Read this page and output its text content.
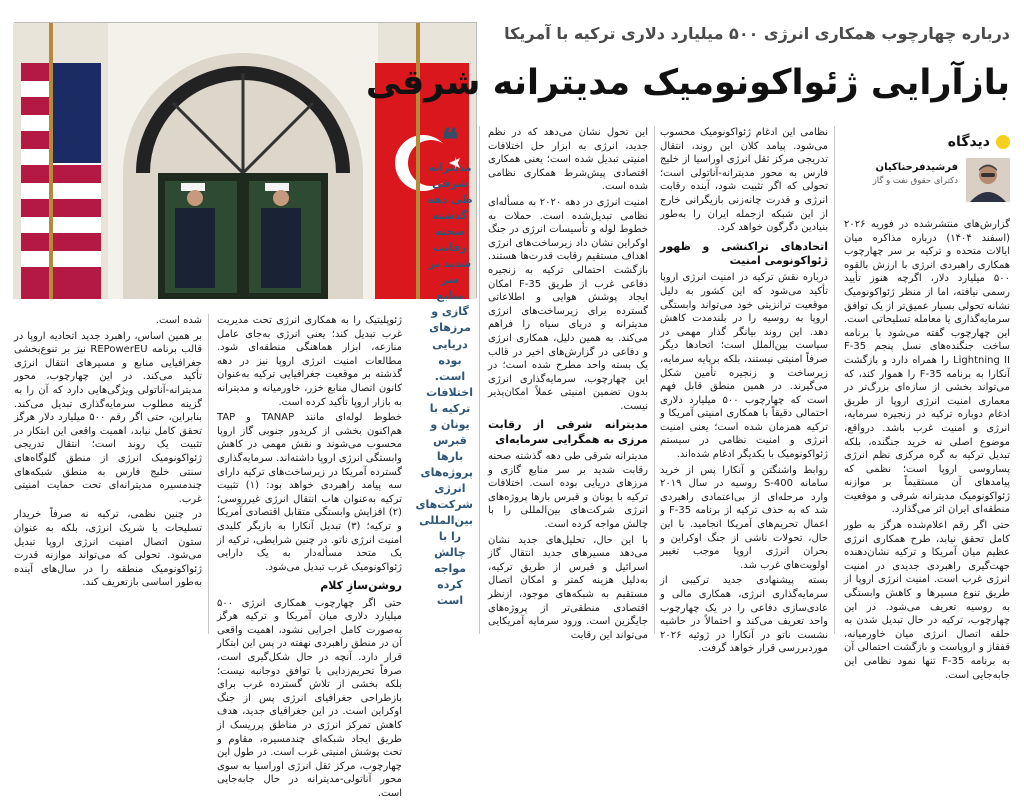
درباره چهارچوب همکاری انرژی ۵۰۰ میلیارد دلاری ترکیه با آمریکا
بازآرایی ژئواکونومیک مدیترانه شرقی
دیدگاه
فرشیدفرحناکیان
دکترای حقوق نفت و گاز

گزارش‌های منتشرشده در فوریه ۲۰۲۶ (اسفند ۱۴۰۴) درباره مذاکره میان ایالات متحده و ترکیه بر سر چهارچوب همکاری راهبردی انرژی با ارزش بالقوه ۵۰۰ میلیارد دلار، اگرچه هنوز تأیید رسمی نیافته، اما از منظر ژئواکونومیک نشانه تحولی بسیار عمیق‌تر از یک توافق سرمایه‌گذاری یا معامله تسلیحاتی است. این چهارچوب گفته می‌شود با برنامه ساخت جنگنده‌های نسل پنجم F-35 Lightning II را همراه دارد و بازگشت آنکارا به برنامه F-35 را هموار کند، که می‌تواند بخشی از سازه‌ای بزرگ‌تر در معماری امنیت انرژی اروپا از طریق ادغام دوباره ترکیه در زنجیره سرمایه، انرژی و امنیت غرب باشد. درواقع، موضوع اصلی نه خرید جنگنده، بلکه تبدیل ترکیه به گره مرکزی نظم انرژی پساروسی اروپا است؛ نظمی که پیامدهای آن مستقیماً بر موازنه ژئواکونومیک مدیترانه شرقی و موقعیت منطقه‌ای ایران اثر می‌گذارد.

حتی اگر رقم اعلام‌شده هرگز به طور کامل تحقق نیابد، طرح همکاری انرژی عظیم میان آمریکا و ترکیه نشان‌دهنده جهت‌گیری راهبردی جدیدی در امنیت انرژی غرب است. امنیت انرژی اروپا از طریق تنوع مسیرها و کاهش وابستگی به روسیه تعریف می‌شود. در این چهارچوب، ترکیه در حال تبدیل شدن به حلقه اتصال انرژی میان خاورمیانه، قفقاز و اروپاست و بازگشت احتمالی آن به برنامه F-35 تنها نمود نظامی این جابه‌جایی است.

نظامی این ادغام ژئواکونومیک محسوب می‌شود. پیامد کلان این روند، انتقال تدریجی مرکز ثقل انرژی اوراسیا از خلیج فارس به محور مدیترانه-آناتولی است؛ تحولی که اگر تثبیت شود، آینده رقابت انرژی و قدرت چانه‌زنی بازیگرانی خارج از این شبکه ازجمله ایران را به‌طور بنیادین دگرگون خواهد کرد.

اتحادهای تراکنشی و ظهور ژئواکونومی امنیت

درباره نقش ترکیه در امنیت انرژی اروپا تأکید می‌شود که این کشور به دلیل موقعیت ترانزیتی خود می‌تواند وابستگی اروپا به روسیه را در بلندمدت کاهش دهد. این روند بیانگر گذار مهمی در سیاست بین‌الملل است؛ اتحادها دیگر صرفاً امنیتی نیستند، بلکه برپایه سرمایه، زیرساخت و زنجیره تأمین شکل می‌گیرند. در همین منطق قابل فهم است که چهارچوب ۵۰۰ میلیارد دلاری احتمالی دقیقاً با همکاری امنیتی آمریکا و ترکیه همزمان شده است؛ یعنی امنیت انرژی و امنیت نظامی در سیستم ژئواکونومیک با یکدیگر ادغام شده‌اند.

روابط واشنگتن و آنکارا پس از خرید سامانه S-400 روسیه در سال ۲۰۱۹ وارد مرحله‌ای از بی‌اعتمادی راهبردی شد که به حذف ترکیه از برنامه F-35 و اعمال تحریم‌های آمریکا انجامید. با این حال، تحولات ناشی از جنگ اوکراین و بحران انرژی اروپا موجب تغییر اولویت‌های غرب شد.

بسته پیشنهادی جدید ترکیبی از سرمایه‌گذاری انرژی، همکاری مالی و عادی‌سازی دفاعی را در یک چهارچوب واحد تعریف می‌کند و احتمالاً در حاشیه نشست ناتو در آنکارا در ژوئیه ۲۰۲۶ موردبررسی قرار خواهد گرفت.

این تحول نشان می‌دهد که در نظم جدید، انرژی به ابزار حل اختلافات امنیتی تبدیل شده است؛ یعنی همکاری اقتصادی پیش‌شرط همکاری نظامی شده است.

امنیت انرژی در دهه ۲۰۲۰ به مسأله‌ای نظامی تبدیل‌شده است. حملات به خطوط لوله و تأسیسات انرژی در جنگ اوکراین نشان داد زیرساخت‌های انرژی اهداف مستقیم رقابت قدرت‌ها هستند. بازگشت احتمالی ترکیه به زنجیره دفاعی غرب از طریق F-35 امکان ایجاد پوشش هوایی و اطلاعاتی گسترده برای زیرساخت‌های انرژی مدیترانه و دریای سیاه را فراهم می‌کند. به همین دلیل، همکاری انرژی و دفاعی در گزارش‌های اخیر در قالب یک بسته واحد مطرح شده است؛ در این چهارچوب، سرمایه‌گذاری انرژی بدون تضمین امنیتی عملاً امکان‌پذیر نیست.

مدیترانه شرقی از رقابت مرزی به همگرایی سرمایه‌ای

مدیترانه شرقی طی دهه گذشته صحنه رقابت شدید بر سر منابع گازی و مرزهای دریایی بوده است. اختلافات ترکیه با یونان و قبرس بارها پروژه‌های انرژی شرکت‌های بین‌المللی را با چالش مواجه کرده است.

با این حال، تحلیل‌های جدید نشان می‌دهد مسیرهای جدید انتقال گاز اسرائیل و قبرس از طریق ترکیه، به‌دلیل هزینه کمتر و امکان اتصال مستقیم به شبکه‌های موجود، ازنظر اقتصادی منطقی‌تر از پروژه‌های جایگزین است. ورود سرمایه آمریکایی می‌تواند این رقابت

❝
مدیترانه شرقی طی دهه گذشته صحنه رقابت شدید بر سر منابع گازی و مرزهای دریایی بوده است. اختلافات ترکیه با یونان و قبرس بارها پروژه‌های انرژی شرکت‌های بین‌المللی را با چالش مواجه کرده است

ژئوپلیتیک را به همکاری انرژی تحت مدیریت غرب تبدیل کند؛ یعنی انرژی به‌جای عامل منازعه، ابزار هماهنگی منطقه‌ای شود. مطالعات امنیت انرژی اروپا نیز در دهه گذشته بر موقعیت جغرافیایی ترکیه به‌عنوان کانون اتصال منابع خزر، خاورمیانه و مدیترانه به بازار اروپا تأکید کرده است.

خطوط لوله‌ای مانند TANAP و TAP هم‌اکنون بخشی از کریدور جنوبی گاز اروپا محسوب می‌شوند و نقش مهمی در کاهش وابستگی انرژی اروپا داشته‌اند. سرمایه‌گذاری گسترده آمریکا در زیرساخت‌های ترکیه دارای سه پیامد راهبردی خواهد بود: (۱) تثبیت ترکیه به‌عنوان هاب انتقال انرژی غیرروسی؛ (۲) افزایش وابستگی متقابل اقتصادی آمریکا و ترکیه؛ (۳) تبدیل آنکارا به بازیگر کلیدی امنیت انرژی ناتو. در چنین شرایطی، ترکیه از یک متحد مسأله‌دار به یک دارایی ژئواکونومیک غرب تبدیل می‌شود.

روشن‌سازِ کلام

حتی اگر چهارچوب همکاری انرژی ۵۰۰ میلیارد دلاری میان آمریکا و ترکیه هرگز به‌صورت کامل اجرایی نشود، اهمیت واقعی آن در منطق راهبردی نهفته در پس این ابتکار قرار دارد. آنچه در حال شکل‌گیری است، صرفاً تحریم‌زدایی یا توافق دوجانبه نیست؛ بلکه بخشی از تلاش گسترده غرب برای بازطراحی جغرافیای انرژی پس از جنگ اوکراین است. در این جغرافیای جدید، هدف کاهش تمرکز انرژی در مناطق پرریسک از طریق ایجاد شبکه‌ای چندمسیره، مقاوم و تحت پوشش امنیتی غرب است. در طول این چهارچوب، مرکز ثقل انرژی اوراسیا به سوی محور آناتولی-مدیترانه در حال جابه‌جایی است.

شده است.

بر همین اساس، راهبرد جدید اتحادیه اروپا در قالب برنامه REPowerEU نیز بر تنوع‌بخشی جغرافیایی منابع و مسیرهای انتقال انرژی تأکید می‌کند. در این چهارچوب، محور مدیترانه-آناتولی ویژگی‌هایی دارد که آن را به گزینه مطلوب سرمایه‌گذاری تبدیل می‌کند. بنابراین، حتی اگر رقم ۵۰۰ میلیارد دلار هرگز تحقق کامل نیابد، اهمیت واقعی این ابتکار در تثبیت یک روند است؛ انتقال تدریجی ژئواکونومیک انرژی از منطق گلوگاه‌های سنتی خلیج فارس به منطق شبکه‌های چندمسیره مدیترانه‌ای تحت حمایت امنیتی غرب.

در چنین نظمی، ترکیه نه صرفاً خریدار تسلیحات یا شریک انرژی، بلکه به عنوان ستون اتصال امنیت انرژی اروپا تبدیل می‌شود. تحولی که می‌تواند موازنه قدرت ژئواکونومیک منطقه را در سال‌های آینده به‌طور اساسی بازتعریف کند.
